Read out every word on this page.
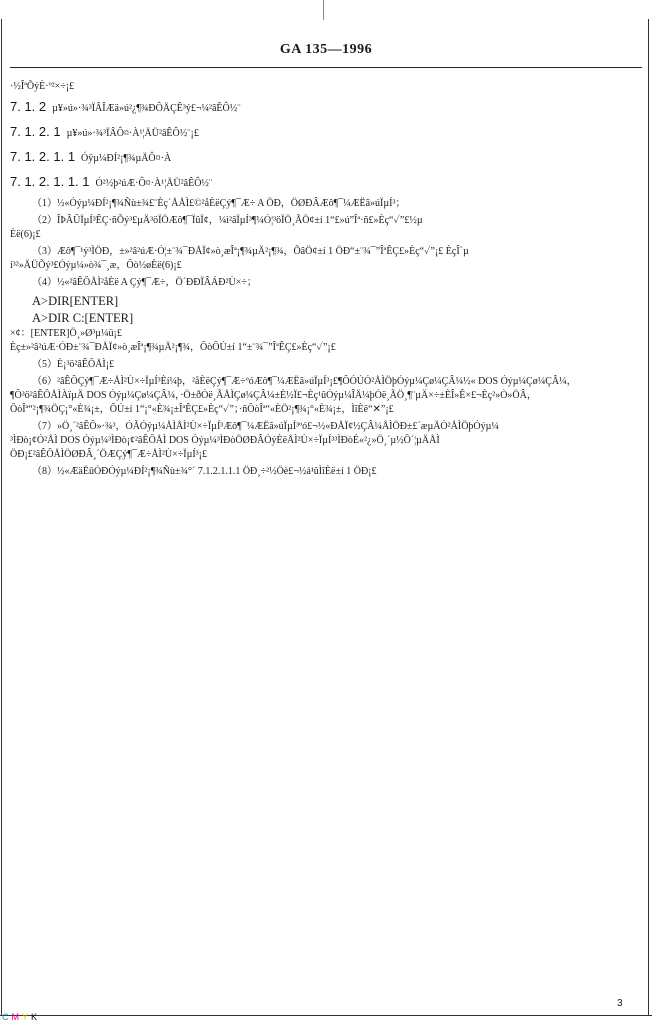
GA 135—1996
·½ÎªÕýÈ·º²×÷¡£
7. 1. 2 µ¥»ú»·¾³ÏÂÎÆä»ú²¿¶¾ÐÔÄÇÊ³ý£¬¼²âÊÔ½¨
7. 1. 2. 1 µ¥»ú»·¾³ÏÂÔ¤·À¹¦ÄÜ²âÊÔ½¨¡£
7. 1. 2. 1. 1 Óÿµ¼ÐÍ²¡¶¾µÄÔ¤·À
7. 1. 2. 1. 1. 1 Ó²½þ²úÆ·Ô¤·À¹¦ÄÜ²âÊÔ½¨
（1）½«Óýµ¼ÐÍ²¡¶¾Ñù±¾£¨Èç´ÅÅÌ£©²åÈëÇý¶¯Æ÷ A ÖÐ，ÖØÐÂÆô¶¯¼ÆËã»úÏµÍ³；
（2）ÎÞÂÛÏµÍ³ÊÇ·ñÕý³£µÄ³öÏÖÆô¶¯ÏûÏ¢，¼ì²âÏµÍ³¶¼Ó¦³öÏÖ¸ÃÖ¢±í 1“£»ú”Îª·ñ£»Èç“✓”£½µ
Èë(6)¡£
（3）Æô¶¯¹ý³ÌÖÐ，±»²â²úÆ·Ó¦±¨¾¯ÐÅÏ¢»ò¸æÎª¡¶¾µÄ²¡¶¾，ÕâÖ¢±í 1 ÖÐ“±¨¾¯”ÎªÊÇ£»Èç“✓”¡£ ÈçÎ´µ
í³²»ÄÜÕý³£Óýµ¼»ò¾¯¸æ，Ôò½øÈë(6)¡£
（4）½«²âÊÔÅÌ²åÈë A Çý¶¯Æ÷，Ö´ÐÐÏÂÁÐ²Ù×÷；
A>DIR[ENTER]
A>DIR C:[ENTER]
×¢：[ENTER]Ö¸»Ø³µ¼ü¡£
Èç±»²â²úÆ·ÓÐ±¨¾¯ÐÅÏ¢»ò¸æÎª¡¶¾µÄ²¡¶¾，ÔòÔÚ±í 1“±¨¾¯”ÎªÊÇ£»Èç“✓”¡£
（5）È¡³ö²âÊÔÅÌ¡£
（6）²âÊÔÇý¶¯Æ÷ÅÌ²Ù×÷ÏµÍ³Èí¼þ，²åÈëÇý¶¯Æ÷ºóÆô¶¯¼ÆËã»úÏµÍ³¡£¶ÔÓÚÓ²ÅÌÖþÓýµ¼Çø¼ÇÂ¼½« DOS Óýµ¼Çø¼ÇÂ¼，
¶Ô³ö²âÊÔÅÌÀïµÄ DOS Óýµ¼Çø¼ÇÂ¼，·Ö±ðÓë¸ÃÅÌÇø¼ÇÂ¼±È½Ï£¬Èç¹ûÓýµ¼ÎÄ¼þÓë¸ÃÖ¸¶¨µÄ×÷±ÈÎ»Ê×£¬Èç²»Ò»ÖÂ，
ÔòÎª“²¡¶¾ÖÇ¡°«È¾¡±，ÔÚ±í 1“¡°«È¾¡±ÎªÊÇ£»Èç“✓”；·ñÔòÎª“«ÈÖ²¡¶¾¡°«È¾¡±，ÌîÈë“✕”¡£
（7）»Ö¸´²âÊÔ»·¾³，ÓÃÓýµ¼ÅÌÅÌ²Ù×÷ÏµÍ³Æô¶¯¼ÆËã»úÏµÍ³ºó£¬½«ÐÅÏ¢½ÇÂ¼ÅÌÖÐ±£´æµÄÓ²ÅÌÖþÓýµ¼
³ÌÐò¡¢Ó²ÅÌ DOS Óýµ¼³ÌÐò¡¢²âÊÔÅÌ DOS Óýµ¼³ÌÐòÖØÐÂÓýÈëÅÌ²Ù×÷ÏµÍ³³ÌÐòÉ«²¿»Ö¸´µ½Ô´¦µÄÅÌ
ÖÐ¡£²âÊÔÅÌÖØÐÂ¸´ÖÆÇý¶¯Æ÷ÅÌ²Ù×÷ÏµÍ³¡£
（8）½«ÆäËûÓÐÓýµ¼ÐÍ²¡¶¾Ñù±¾°´ 7.1.2.1.1.1 ÖÐ¸÷²½Öè£¬½á¹ûÌîÈë±í 1 ÖÐ¡£
3
CMYK
